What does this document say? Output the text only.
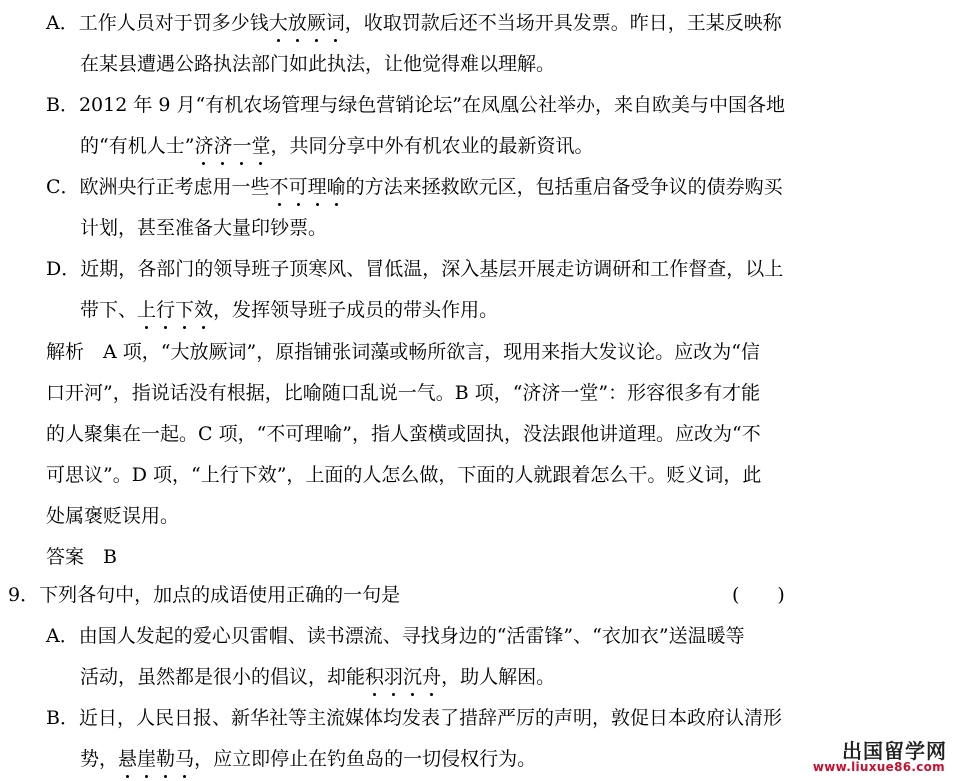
A．工作人员对于罚多少钱大放厥词，收取罚款后还不当场开具发票。昨日，王某反映称
在某县遭遇公路执法部门如此执法，让他觉得难以理解。
B．2012 年 9 月“有机农场管理与绿色营销论坛”在凤凰公社举办，来自欧美与中国各地
的“有机人士”济济一堂，共同分享中外有机农业的最新资讯。
C．欧洲央行正考虑用一些不可理喻的方法来拯救欧元区，包括重启备受争议的债券购买
计划，甚至准备大量印钞票。
D．近期，各部门的领导班子顶寒风、冒低温，深入基层开展走访调研和工作督查，以上
带下、上行下效，发挥领导班子成员的带头作用。
解析　A 项，“大放厥词”，原指铺张词藻或畅所欲言，现用来指大发议论。应改为“信
口开河”，指说话没有根据，比喻随口乱说一气。B 项，“济济一堂”：形容很多有才能
的人聚集在一起。C 项，“不可理喻”，指人蛮横或固执，没法跟他讲道理。应改为“不
可思议”。D 项，“上行下效”，上面的人怎么做，下面的人就跟着怎么干。贬义词，此
处属褒贬误用。
答案　B
9．下列各句中，加点的成语使用正确的一句是
A．由国人发起的爱心贝雷帽、读书漂流、寻找身边的“活雷锋”、“衣加衣”送温暖等
活动，虽然都是很小的倡议，却能积羽沉舟，助人解困。
B．近日，人民日报、新华社等主流媒体均发表了措辞严厉的声明，敦促日本政府认清形
势，悬崖勒马，应立即停止在钓鱼岛的一切侵权行为。
(　　)
出国留学网
www.liuxue86.com
